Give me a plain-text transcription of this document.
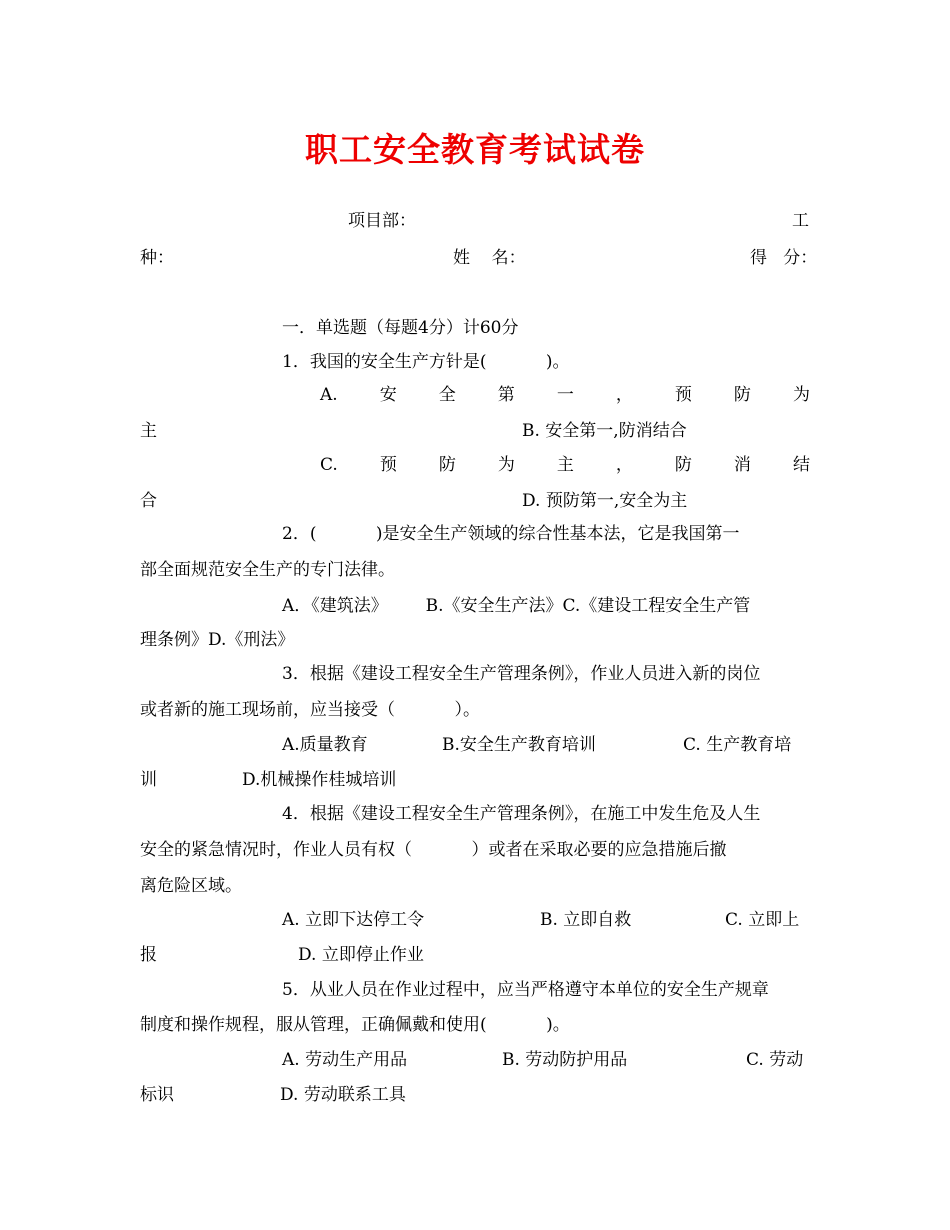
职工安全教育考试试卷
项目部：	工
种：	姓    名：	得   分：
一．单选题（每题4分）计60分
1．我国的安全生产方针是(           )。
A. 安 全 第 一 ， 预 防 为
主	B. 安全第一,防消结合
C. 预 防 为 主 ， 防 消 结
合	D. 预防第一,安全为主
2．(           )是安全生产领域的综合性基本法，它是我国第一
部全面规范安全生产的专门法律。
A．《建筑法》       B.《安全生产法》C.《建设工程安全生产管
理条例》D.《刑法》
3．根据《建设工程安全生产管理条例》，作业人员进入新的岗位
或者新的施工现场前，应当接受（           ）。
A.质量教育	B.安全生产教育培训	C. 生产教育培
训	D.机械操作桂城培训
4．根据《建设工程安全生产管理条例》，在施工中发生危及人生
安全的紧急情况时，作业人员有权（           ）或者在采取必要的应急措施后撤
离危险区域。
A. 立即下达停工令	B. 立即自救	C. 立即上
报	D. 立即停止作业
5．从业人员在作业过程中，应当严格遵守本单位的安全生产规章
制度和操作规程，服从管理，正确佩戴和使用(           )。
A. 劳动生产用品	B. 劳动防护用品	C. 劳动
标识	D. 劳动联系工具
